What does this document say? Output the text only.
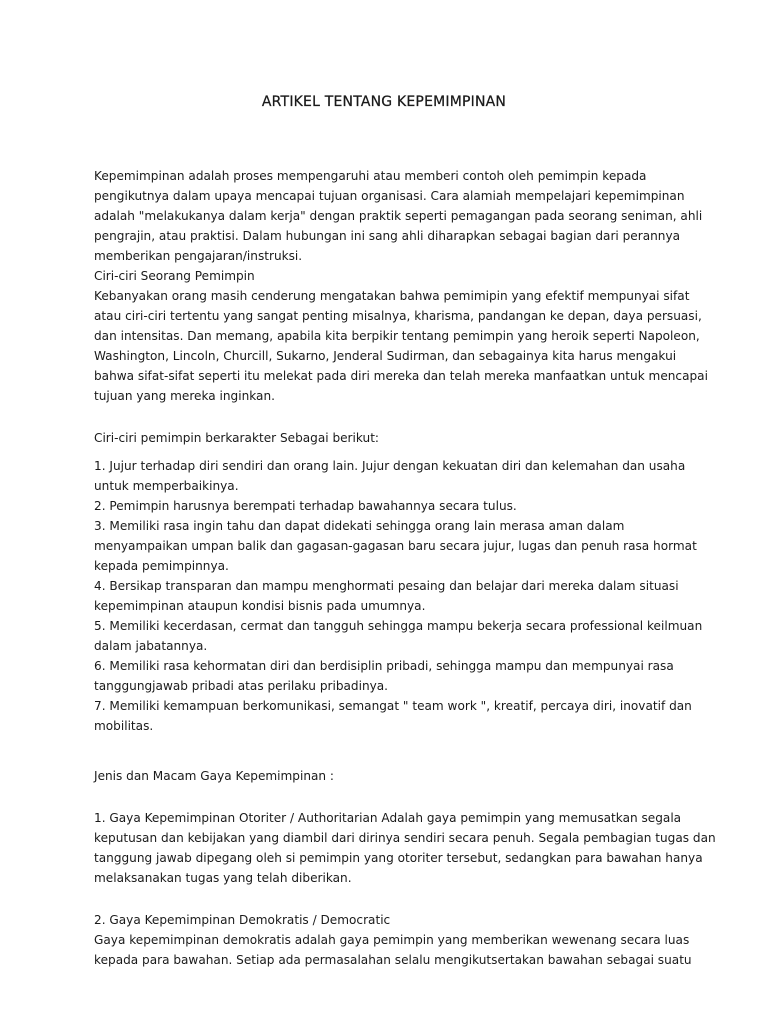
ARTIKEL TENTANG KEPEMIMPINAN
Kepemimpinan adalah proses mempengaruhi atau memberi contoh oleh pemimpin kepada
pengikutnya dalam upaya mencapai tujuan organisasi. Cara alamiah mempelajari kepemimpinan
adalah "melakukanya dalam kerja" dengan praktik seperti pemagangan pada seorang seniman, ahli
pengrajin, atau praktisi. Dalam hubungan ini sang ahli diharapkan sebagai bagian dari perannya
memberikan pengajaran/instruksi.
Ciri-ciri Seorang Pemimpin
Kebanyakan orang masih cenderung mengatakan bahwa pemimipin yang efektif mempunyai sifat
atau ciri-ciri tertentu yang sangat penting misalnya, kharisma, pandangan ke depan, daya persuasi,
dan intensitas. Dan memang, apabila kita berpikir tentang pemimpin yang heroik seperti Napoleon,
Washington, Lincoln, Churcill, Sukarno, Jenderal Sudirman, dan sebagainya kita harus mengakui
bahwa sifat-sifat seperti itu melekat pada diri mereka dan telah mereka manfaatkan untuk mencapai
tujuan yang mereka inginkan.
Ciri-ciri pemimpin berkarakter Sebagai berikut:
1. Jujur terhadap diri sendiri dan orang lain. Jujur dengan kekuatan diri dan kelemahan dan usaha
untuk memperbaikinya.
2. Pemimpin harusnya berempati terhadap bawahannya secara tulus.
3. Memiliki rasa ingin tahu dan dapat didekati sehingga orang lain merasa aman dalam
menyampaikan umpan balik dan gagasan-gagasan baru secara jujur, lugas dan penuh rasa hormat
kepada pemimpinnya.
4. Bersikap transparan dan mampu menghormati pesaing dan belajar dari mereka dalam situasi
kepemimpinan ataupun kondisi bisnis pada umumnya.
5. Memiliki kecerdasan, cermat dan tangguh sehingga mampu bekerja secara professional keilmuan
dalam jabatannya.
6. Memiliki rasa kehormatan diri dan berdisiplin pribadi, sehingga mampu dan mempunyai rasa
tanggungjawab pribadi atas perilaku pribadinya.
7. Memiliki kemampuan berkomunikasi, semangat " team work ", kreatif, percaya diri, inovatif dan
mobilitas.
Jenis dan Macam Gaya Kepemimpinan :
1. Gaya Kepemimpinan Otoriter / Authoritarian Adalah gaya pemimpin yang memusatkan segala
keputusan dan kebijakan yang diambil dari dirinya sendiri secara penuh. Segala pembagian tugas dan
tanggung jawab dipegang oleh si pemimpin yang otoriter tersebut, sedangkan para bawahan hanya
melaksanakan tugas yang telah diberikan.
2. Gaya Kepemimpinan Demokratis / Democratic
Gaya kepemimpinan demokratis adalah gaya pemimpin yang memberikan wewenang secara luas
kepada para bawahan. Setiap ada permasalahan selalu mengikutsertakan bawahan sebagai suatu
